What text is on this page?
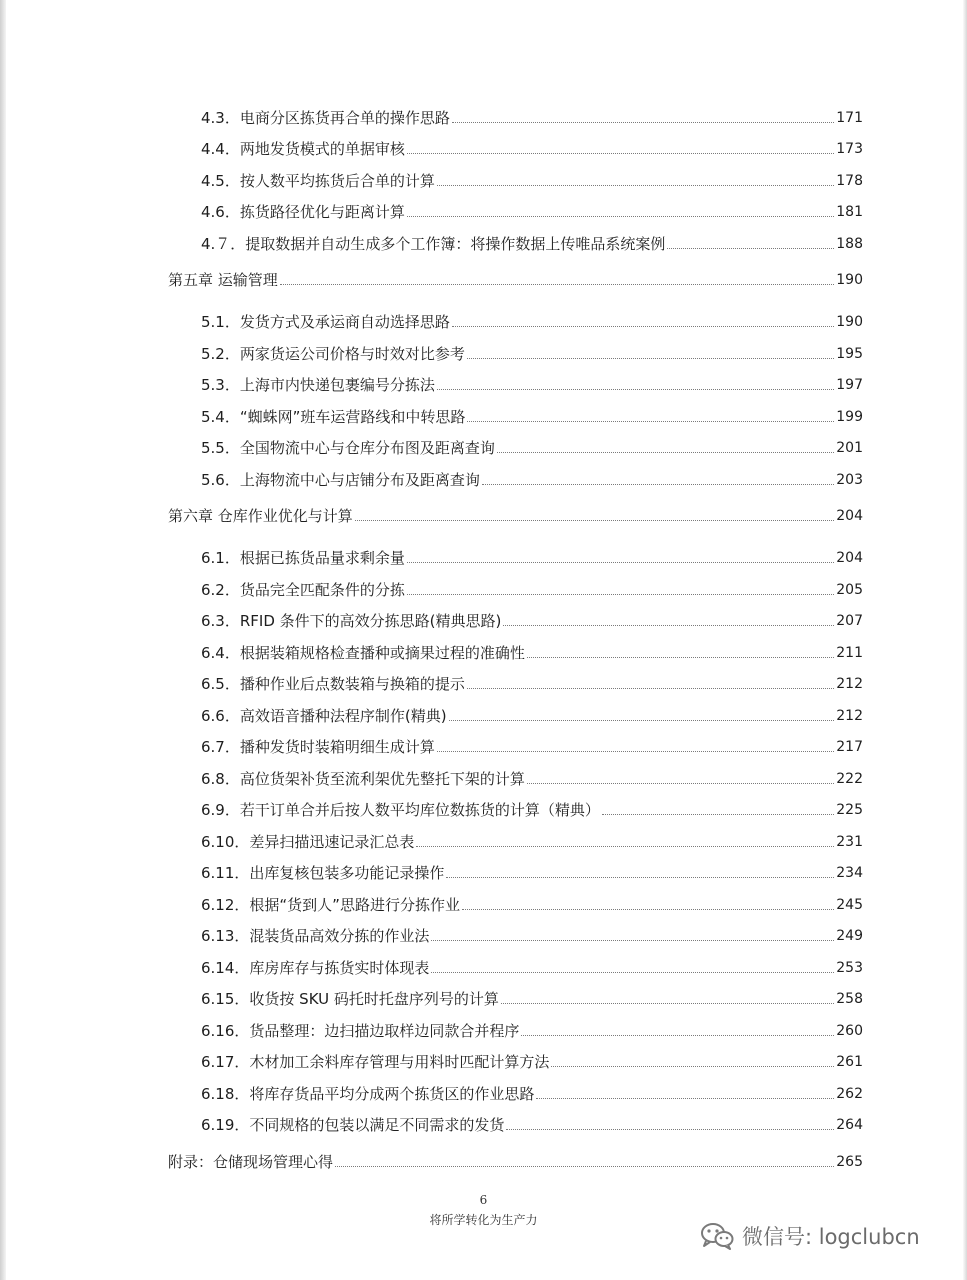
4.3．电商分区拣货再合单的操作思路	171
4.4．两地发货模式的单据审核	173
4.5．按人数平均拣货后合单的计算	178
4.6．拣货路径优化与距离计算	181
4.７．提取数据并自动生成多个工作簿：将操作数据上传唯品系统案例	188
第五章 运输管理	190
5.1．发货方式及承运商自动选择思路	190
5.2．两家货运公司价格与时效对比参考	195
5.3．上海市内快递包裹编号分拣法	197
5.4．“蜘蛛网”班车运营路线和中转思路	199
5.5．全国物流中心与仓库分布图及距离查询	201
5.6．上海物流中心与店铺分布及距离查询	203
第六章 仓库作业优化与计算	204
6.1．根据已拣货品量求剩余量	204
6.2．货品完全匹配条件的分拣	205
6.3．RFID 条件下的高效分拣思路(精典思路)	207
6.4．根据装箱规格检查播种或摘果过程的准确性	211
6.5．播种作业后点数装箱与换箱的提示	212
6.6．高效语音播种法程序制作(精典)	212
6.7．播种发货时装箱明细生成计算	217
6.8．高位货架补货至流利架优先整托下架的计算	222
6.9．若干订单合并后按人数平均库位数拣货的计算（精典）	225
6.10．差异扫描迅速记录汇总表	231
6.11．出库复核包装多功能记录操作	234
6.12．根据“货到人”思路进行分拣作业	245
6.13．混装货品高效分拣的作业法	249
6.14．库房库存与拣货实时体现表	253
6.15．收货按 SKU 码托时托盘序列号的计算	258
6.16．货品整理：边扫描边取样边同款合并程序	260
6.17．木材加工余料库存管理与用料时匹配计算方法	261
6.18．将库存货品平均分成两个拣货区的作业思路	262
6.19．不同规格的包装以满足不同需求的发货	264
附录：仓储现场管理心得	265
6
将所学转化为生产力
微信号: logclubcn
